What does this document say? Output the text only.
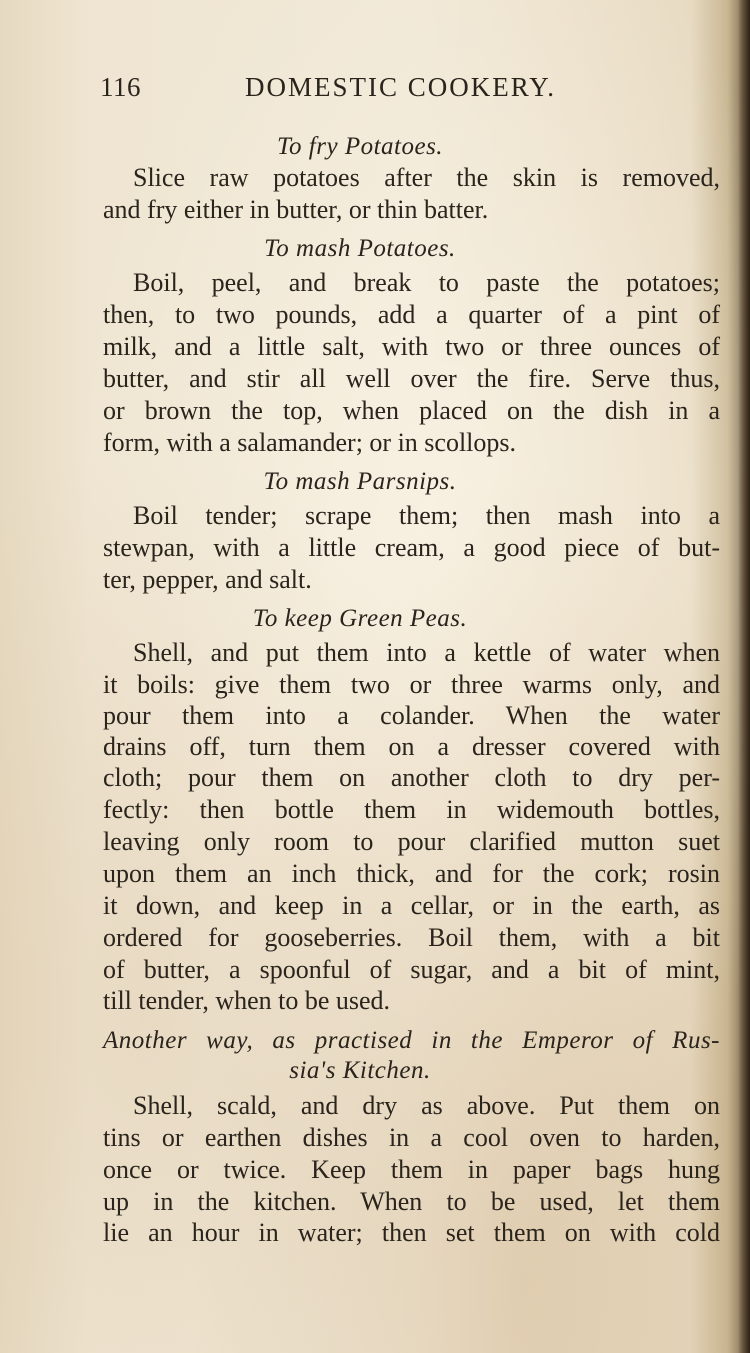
116	DOMESTIC COOKERY.
To fry Potatoes.
Slice raw potatoes after the skin is removed,
and fry either in butter, or thin batter.
To mash Potatoes.
Boil, peel, and break to paste the potatoes;
then, to two pounds, add a quarter of a pint of
milk, and a little salt, with two or three ounces of
butter, and stir all well over the fire. Serve thus,
or brown the top, when placed on the dish in a
form, with a salamander; or in scollops.
To mash Parsnips.
Boil tender; scrape them; then mash into a
stewpan, with a little cream, a good piece of but-
ter, pepper, and salt.
To keep Green Peas.
Shell, and put them into a kettle of water when
it boils: give them two or three warms only, and
pour them into a colander. When the water
drains off, turn them on a dresser covered with
cloth; pour them on another cloth to dry per-
fectly: then bottle them in widemouth bottles,
leaving only room to pour clarified mutton suet
upon them an inch thick, and for the cork; rosin
it down, and keep in a cellar, or in the earth, as
ordered for gooseberries. Boil them, with a bit
of butter, a spoonful of sugar, and a bit of mint,
till tender, when to be used.
Another way, as practised in the Emperor of Rus-
sia's Kitchen.
Shell, scald, and dry as above. Put them on
tins or earthen dishes in a cool oven to harden,
once or twice. Keep them in paper bags hung
up in the kitchen. When to be used, let them
lie an hour in water; then set them on with cold
